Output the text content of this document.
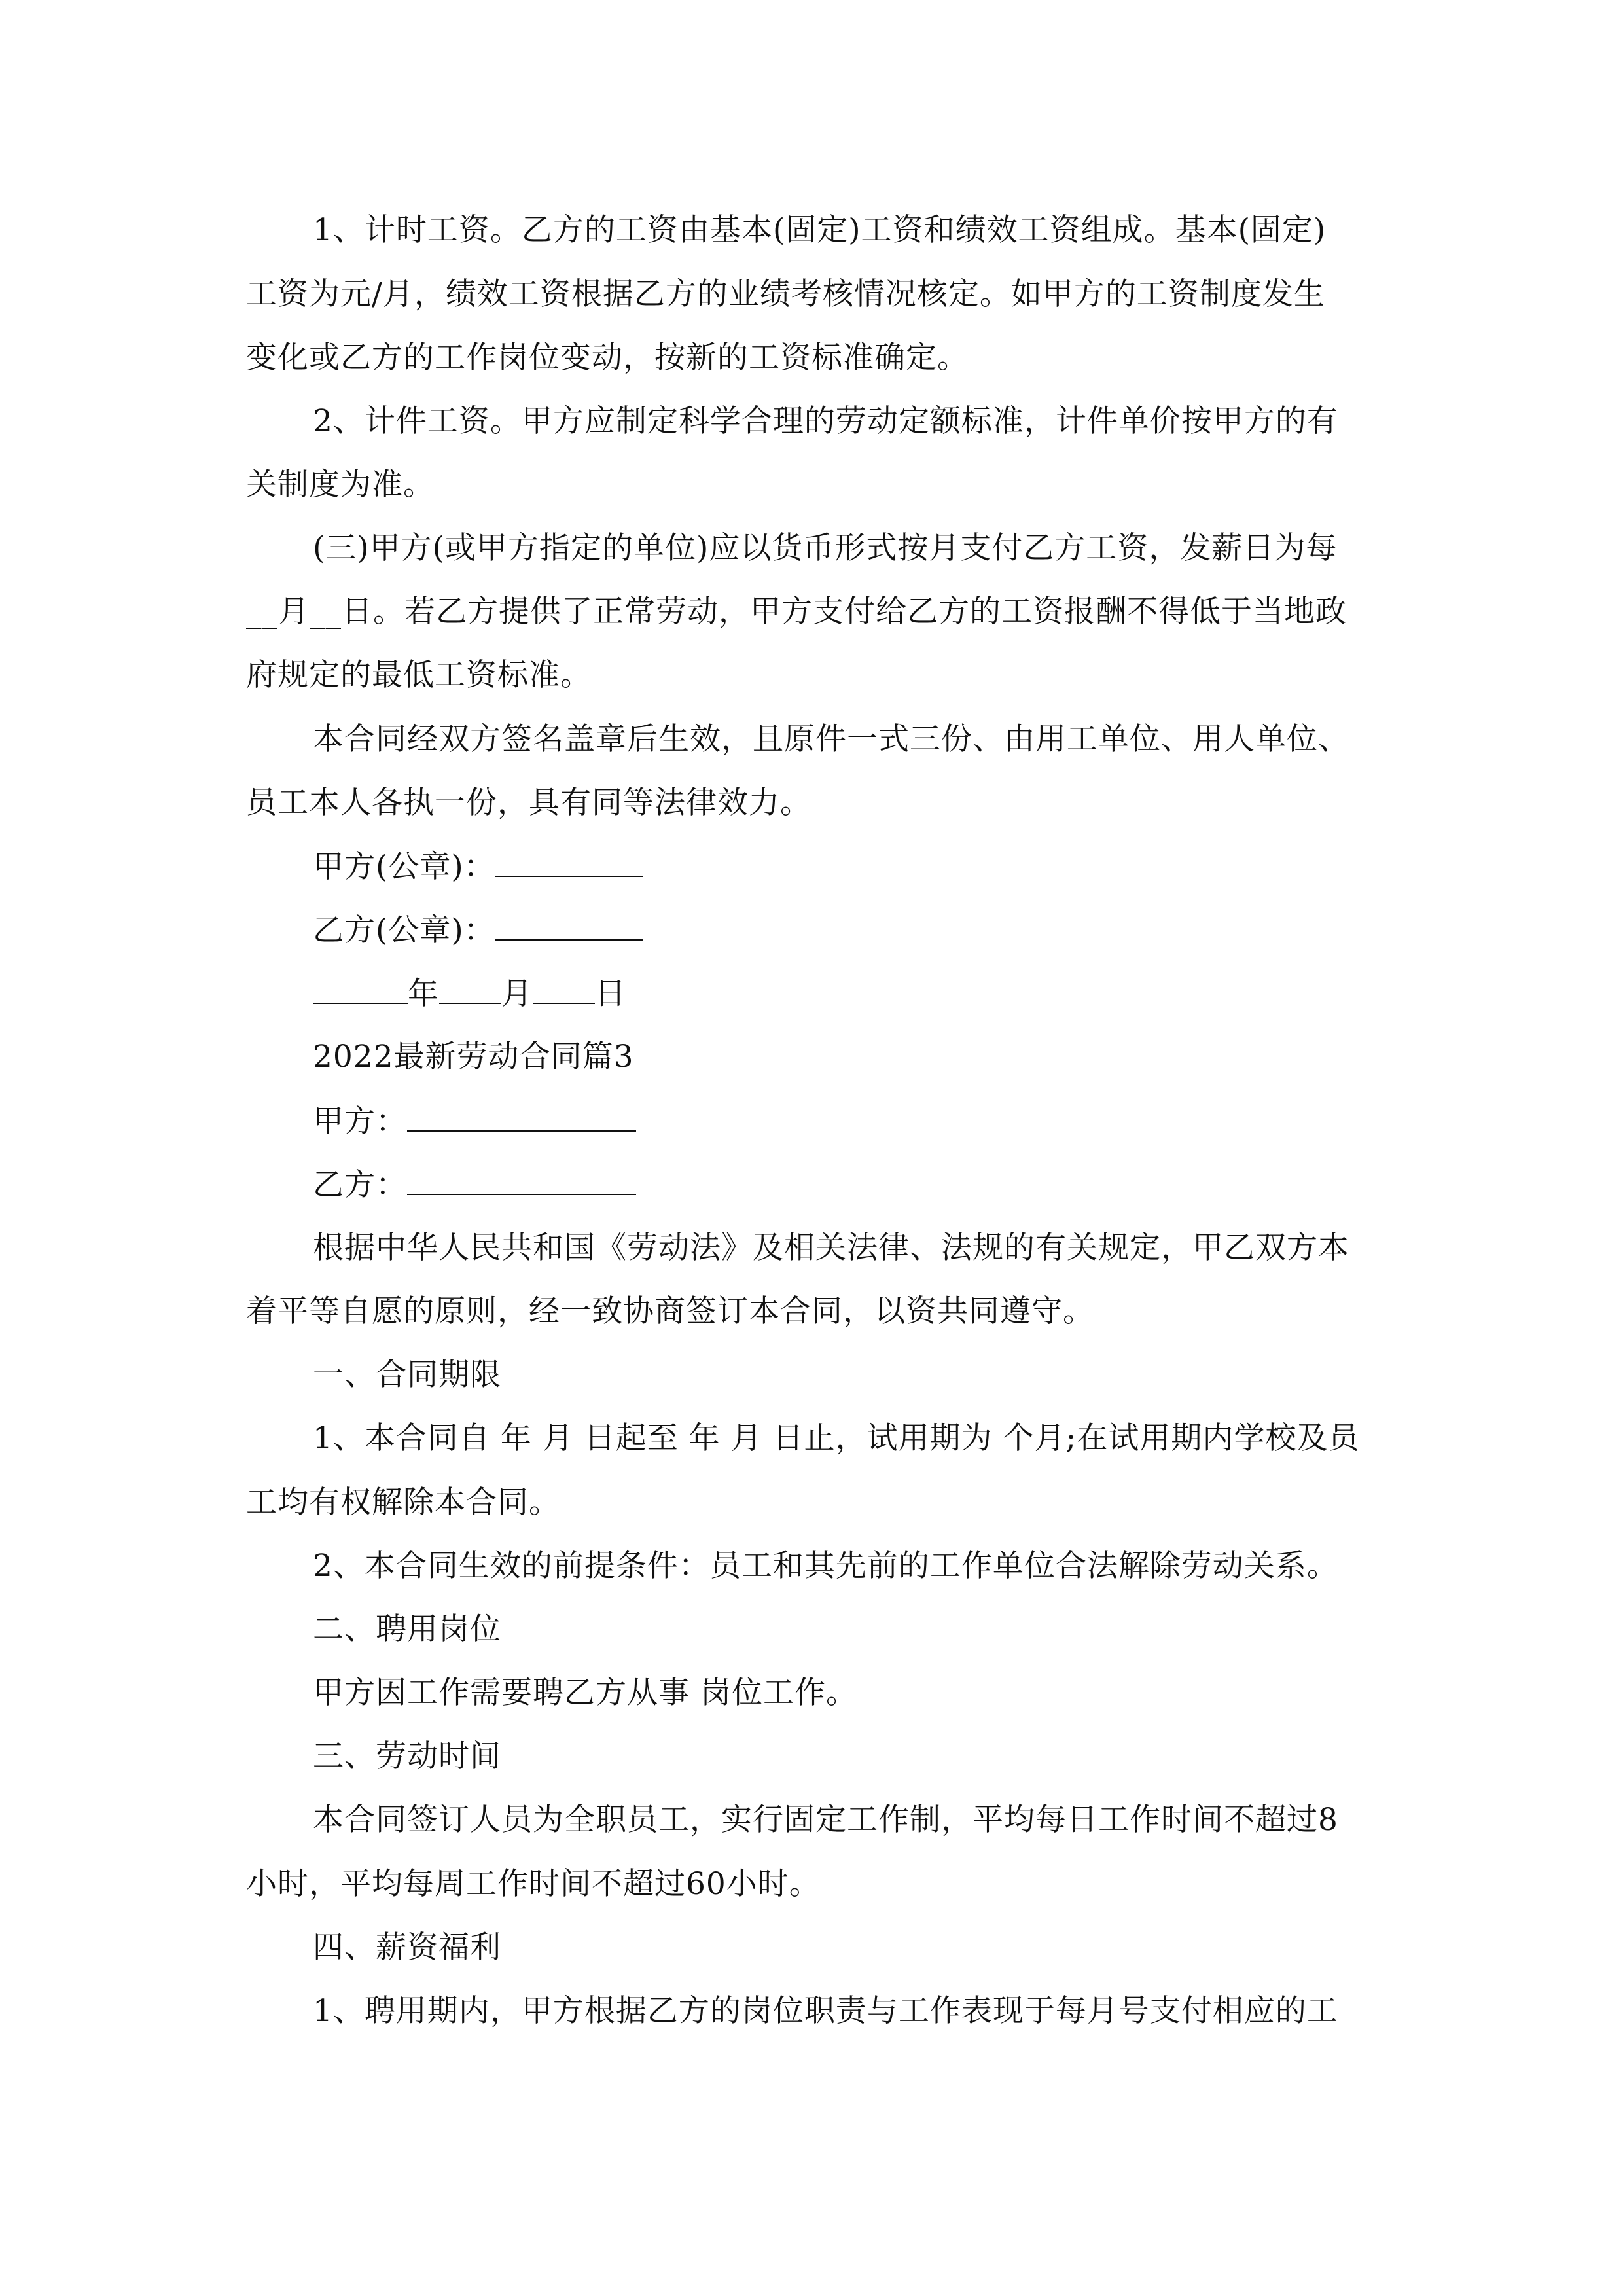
1、计时工资。乙方的工资由基本(固定)工资和绩效工资组成。基本(固定)
工资为元/月，绩效工资根据乙方的业绩考核情况核定。如甲方的工资制度发生
变化或乙方的工作岗位变动，按新的工资标准确定。
2、计件工资。甲方应制定科学合理的劳动定额标准，计件单价按甲方的有
关制度为准。
(三)甲方(或甲方指定的单位)应以货币形式按月支付乙方工资，发薪日为每
__月__日。若乙方提供了正常劳动，甲方支付给乙方的工资报酬不得低于当地政
府规定的最低工资标准。
本合同经双方签名盖章后生效，且原件一式三份、由用工单位、用人单位、
员工本人各执一份，具有同等法律效力。
甲方(公章)：
乙方(公章)：
年 月 日
2022最新劳动合同篇3
甲方：
乙方：
根据中华人民共和国《劳动法》及相关法律、法规的有关规定，甲乙双方本
着平等自愿的原则，经一致协商签订本合同，以资共同遵守。
一、合同期限
1、本合同自 年 月 日起至 年 月 日止，试用期为 个月;在试用期内学校及员
工均有权解除本合同。
2、本合同生效的前提条件：员工和其先前的工作单位合法解除劳动关系。
二、聘用岗位
甲方因工作需要聘乙方从事 岗位工作。
三、劳动时间
本合同签订人员为全职员工，实行固定工作制，平均每日工作时间不超过8
小时，平均每周工作时间不超过60小时。
四、薪资福利
1、聘用期内，甲方根据乙方的岗位职责与工作表现于每月号支付相应的工
